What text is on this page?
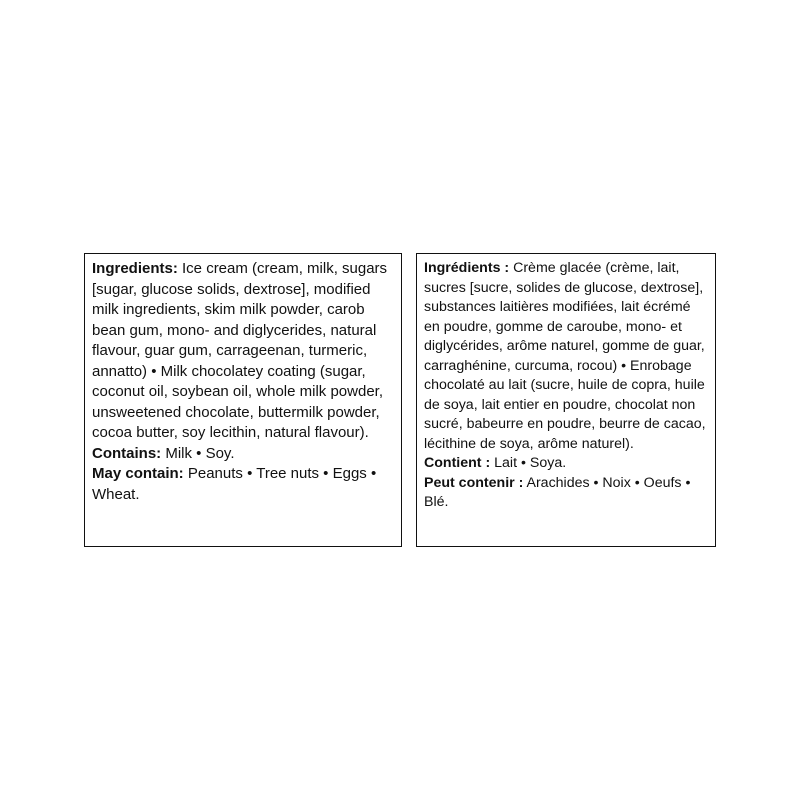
Ingredients: Ice cream (cream, milk, sugars [sugar, glucose solids, dextrose], modified milk ingredients, skim milk powder, carob bean gum, mono- and diglycerides, natural flavour, guar gum, carrageenan, turmeric, annatto) • Milk chocolatey coating (sugar, coconut oil, soybean oil, whole milk powder, unsweetened chocolate, buttermilk powder, cocoa butter, soy lecithin, natural flavour).

Contains: Milk • Soy.

May contain: Peanuts • Tree nuts • Eggs • Wheat.

Ingrédients : Crème glacée (crème, lait, sucres [sucre, solides de glucose, dextrose], substances laitières modifiées, lait écrémé en poudre, gomme de caroube, mono- et diglycérides, arôme naturel, gomme de guar, carraghénine, curcuma, rocou) • Enrobage chocolaté au lait (sucre, huile de copra, huile de soya, lait entier en poudre, chocolat non sucré, babeurre en poudre, beurre de cacao, lécithine de soya, arôme naturel).

Contient : Lait • Soya.

Peut contenir : Arachides • Noix • Oeufs • Blé.
